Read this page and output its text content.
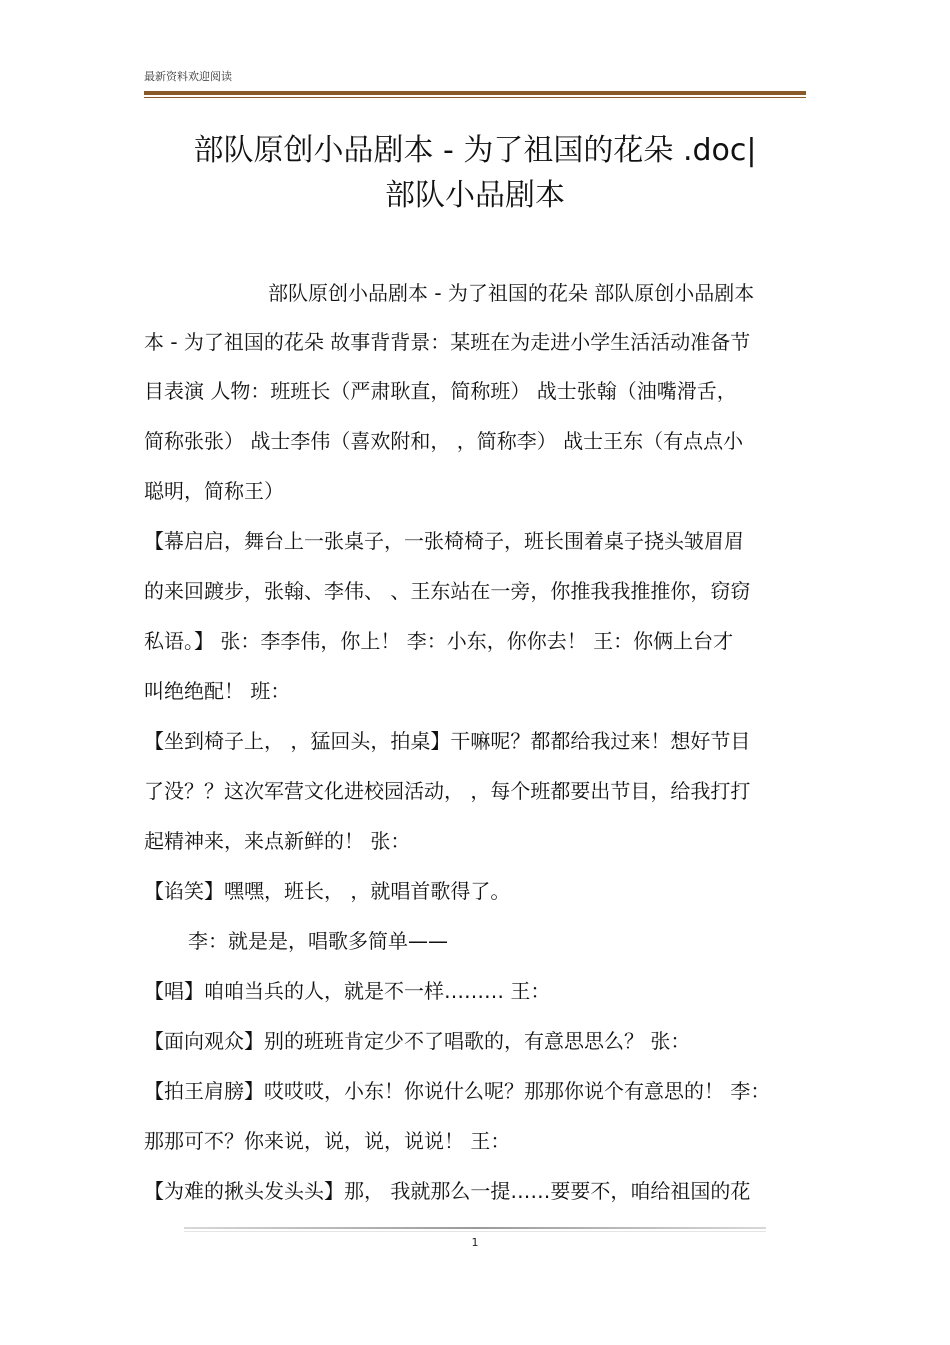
最新资料欢迎阅读
部队原创小品剧本 - 为了祖国的花朵 .doc|
部队小品剧本
部队原创小品剧本 - 为了祖国的花朵 部队原创小品剧本
本 - 为了祖国的花朵 故事背背景：某班在为走进小学生活活动准备节
目表演 人物：班班长（严肃耿直，简称班） 战士张翰（油嘴滑舌，
简称张张） 战士李伟（喜欢附和， ，简称李） 战士王东（有点点小
聪明，简称王）
【幕启启，舞台上一张桌子，一张椅椅子，班长围着桌子挠头皱眉眉
的来回踱步，张翰、李伟、 、王东站在一旁，你推我我推推你，窃窃
私语。】 张：李李伟，你上！ 李：小东，你你去！ 王：你俩上台才
叫绝绝配！ 班：
【坐到椅子上， ，猛回头，拍桌】干嘛呢？都都给我过来！想好节目
了没？？这次军营文化进校园活动， ，每个班都要出节目，给我打打
起精神来，来点新鲜的！ 张：
【谄笑】嘿嘿，班长， ，就唱首歌得了。
李：就是是，唱歌多简单——
【唱】咱咱当兵的人，就是不一样……… 王：
【面向观众】别的班班肯定少不了唱歌的，有意思思么？ 张：
【拍王肩膀】哎哎哎，小东！你说什么呢？那那你说个有意思的！ 李：
那那可不？你来说，说，说，说说！ 王：
【为难的揪头发头头】那， 我就那么一提……要要不，咱给祖国的花
1
